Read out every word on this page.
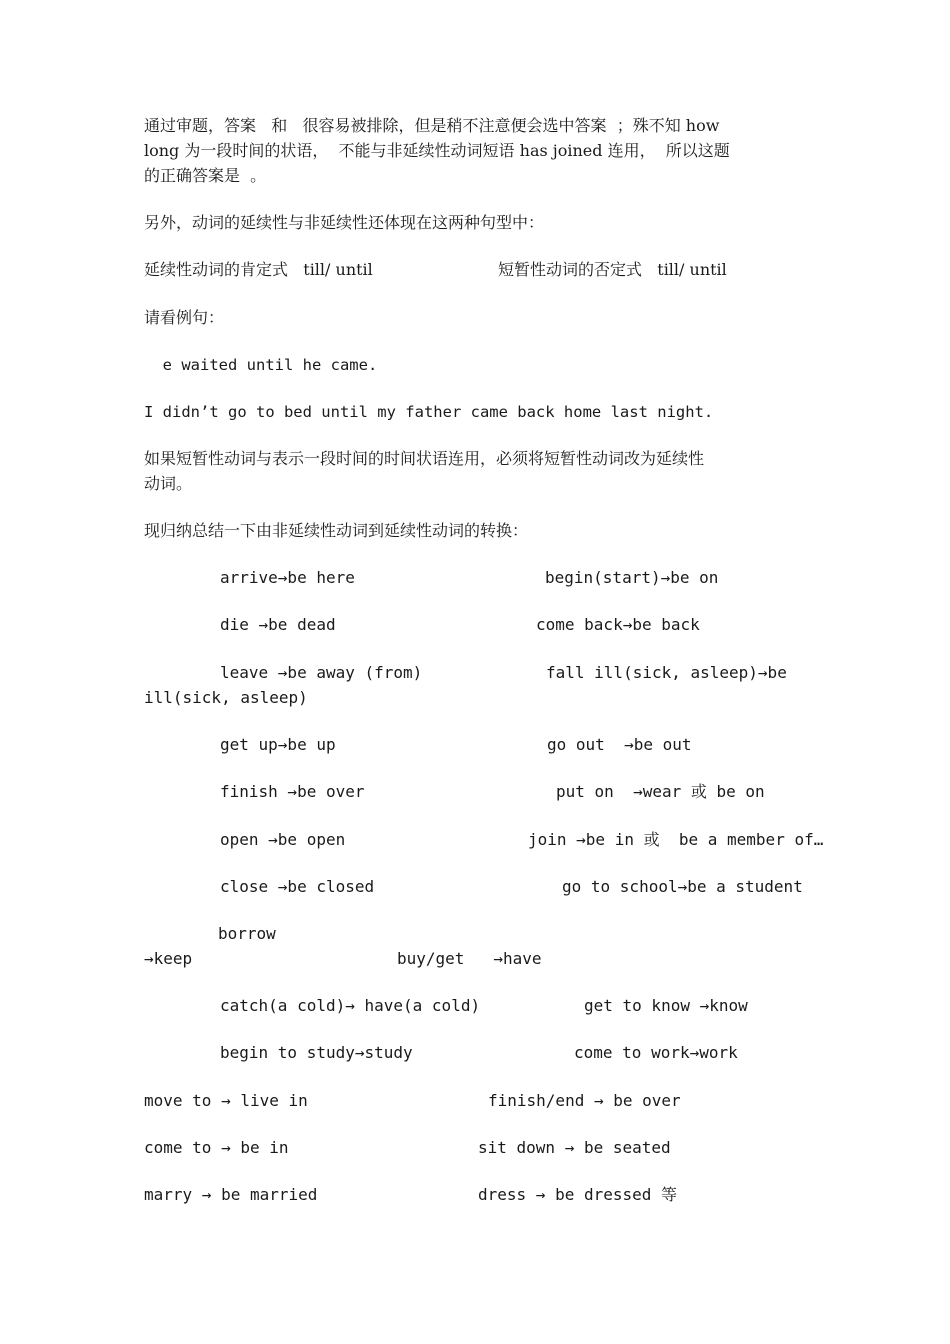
通过审题，答案   和   很容易被排除，但是稍不注意便会选中答案  ；殊不知 how
long 为一段时间的状语，  不能与非延续性动词短语 has joined 连用，  所以这题
的正确答案是  。
另外，动词的延续性与非延续性还体现在这两种句型中：
延续性动词的肯定式   till/ until	短暂性动词的否定式   till/ until
请看例句：
e waited until he came.
I didn’t go to bed until my father came back home last night.
如果短暂性动词与表示一段时间的时间状语连用，必须将短暂性动词改为延续性
动词。
现归纳总结一下由非延续性动词到延续性动词的转换：
arrive→be here	begin(start)→be on
die →be dead	come back→be back
leave →be away (from)	fall ill(sick, asleep)→be
ill(sick, asleep)
get up→be up	go out  →be out
finish →be over	put on  →wear 或 be on
open →be open	join →be in 或  be a member of…
close →be closed	go to school→be a student
borrow
→keep	buy/get   →have
catch(a cold)→ have(a cold)	get to know →know
begin to study→study	come to work→work
move to → live in	finish/end → be over
come to → be in	sit down → be seated
marry → be married	dress → be dressed 等
